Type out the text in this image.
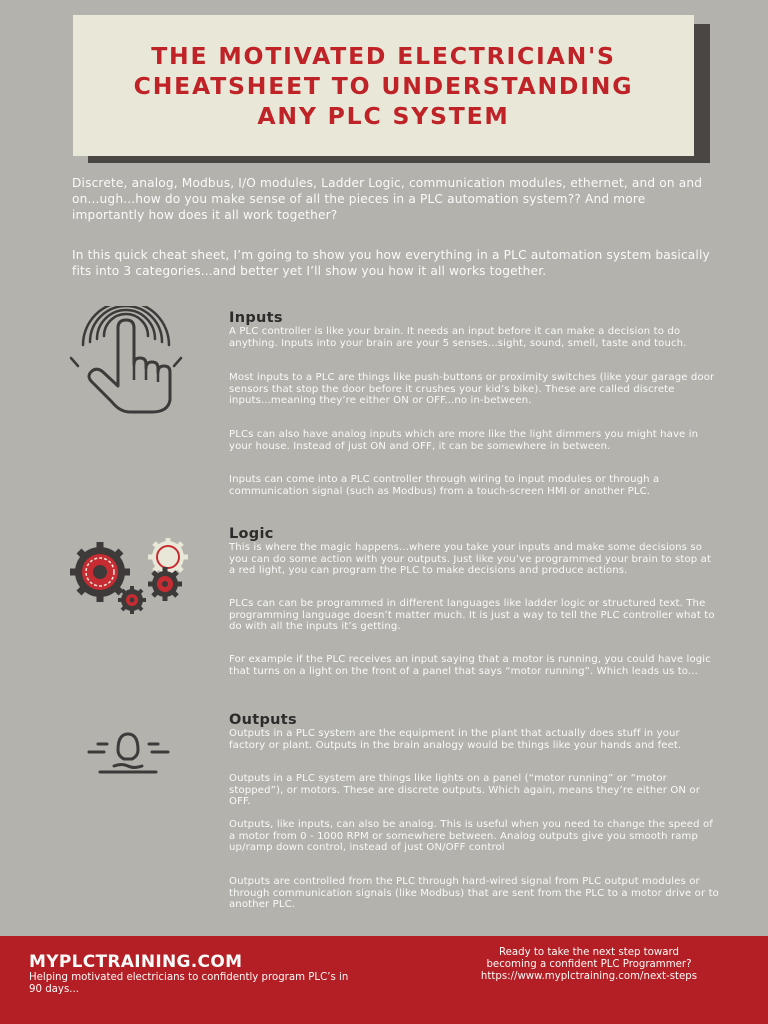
THE MOTIVATED ELECTRICIAN'S CHEATSHEET TO UNDERSTANDING ANY PLC SYSTEM

Discrete, analog, Modbus, I/O modules, Ladder Logic, communication modules, ethernet, and on and on...ugh...how do you make sense of all the pieces in a PLC automation system?? And more importantly how does it all work together?

In this quick cheat sheet, I’m going to show you how everything in a PLC automation system basically fits into 3 categories...and better yet I’ll show you how it all works together.

Inputs

A PLC controller is like your brain. It needs an input before it can make a decision to do anything. Inputs into your brain are your 5 senses...sight, sound, smell, taste and touch.

Most inputs to a PLC are things like push-buttons or proximity switches (like your garage door sensors that stop the door before it crushes your kid’s bike). These are called discrete inputs...meaning they’re either ON or OFF...no in-between.

PLCs can also have analog inputs which are more like the light dimmers you might have in your house. Instead of just ON and OFF, it can be somewhere in between.

Inputs can come into a PLC controller through wiring to input modules or through a communication signal (such as Modbus) from a touch-screen HMI or another PLC.

Logic

This is where the magic happens...where you take your inputs and make some decisions so you can do some action with your outputs. Just like you’ve programmed your brain to stop at a red light, you can program the PLC to make decisions and produce actions.

PLCs can can be programmed in different languages like ladder logic or structured text. The programming language doesn’t matter much. It is just a way to tell the PLC controller what to do with all the inputs it’s getting.

For example if the PLC receives an input saying that a motor is running, you could have logic that turns on a light on the front of a panel that says “motor running”. Which leads us to...

Outputs

Outputs in a PLC system are the equipment in the plant that actually does stuff in your factory or plant. Outputs in the brain analogy would be things like your hands and feet.

Outputs in a PLC system are things like lights on a panel (“motor running” or “motor stopped”), or motors. These are discrete outputs. Which again, means they’re either ON or OFF.

Outputs, like inputs, can also be analog. This is useful when you need to change the speed of a motor from 0 - 1000 RPM or somewhere between. Analog outputs give you smooth ramp up/ramp down control, instead of just ON/OFF control

Outputs are controlled from the PLC through hard-wired signal from PLC output modules or through communication signals (like Modbus) that are sent from the PLC to a motor drive or to another PLC.

MYPLCTRAINING.COM

Helping motivated electricians to confidently program PLC’s in 90 days...

Ready to take the next step toward
becoming a confident PLC Programmer?
https://www.myplctraining.com/next-steps
